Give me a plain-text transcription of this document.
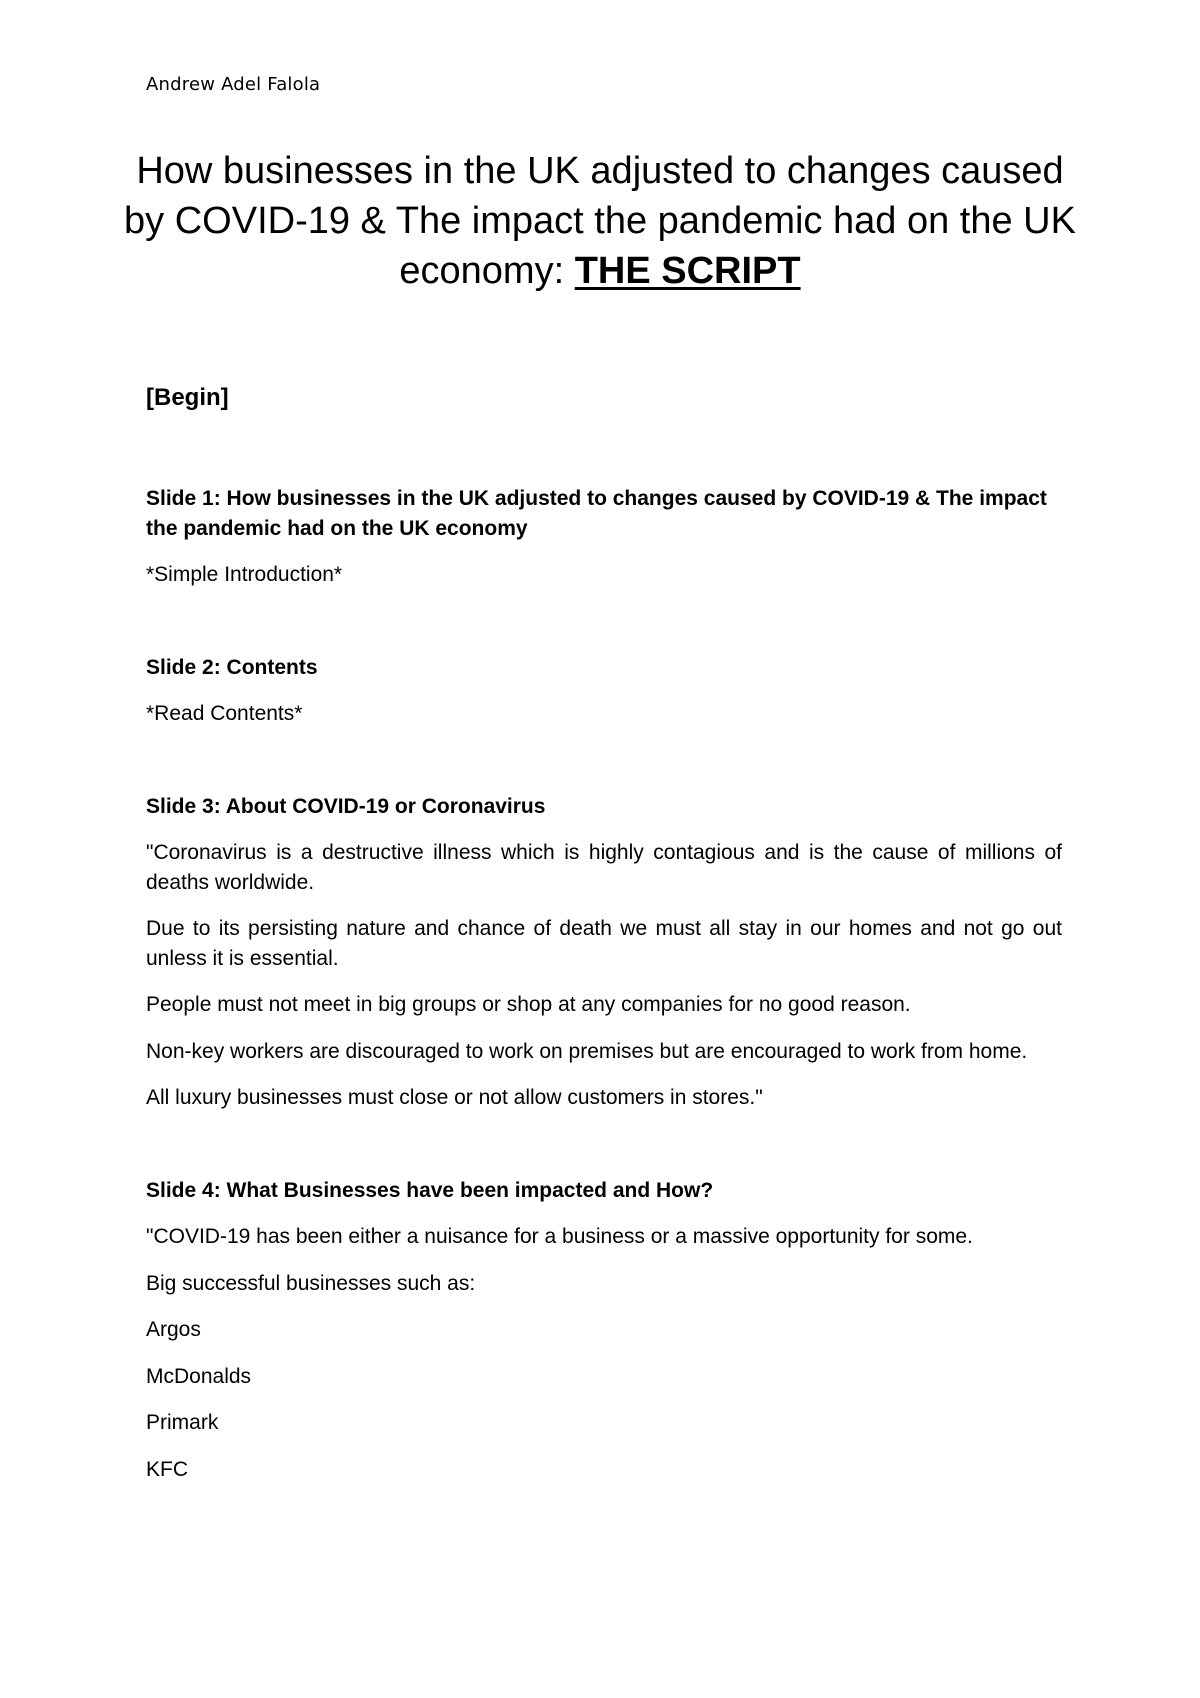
Andrew Adel Falola
How businesses in the UK adjusted to changes caused by COVID-19 & The impact the pandemic had on the UK economy: THE SCRIPT
[Begin]

Slide 1: How businesses in the UK adjusted to changes caused by COVID-19 & The impact the pandemic had on the UK economy

*Simple Introduction*

Slide 2: Contents

*Read Contents*

Slide 3: About COVID-19 or Coronavirus

"Coronavirus is a destructive illness which is highly contagious and is the cause of millions of deaths worldwide.

Due to its persisting nature and chance of death we must all stay in our homes and not go out unless it is essential.

People must not meet in big groups or shop at any companies for no good reason.

Non-key workers are discouraged to work on premises but are encouraged to work from home.

All luxury businesses must close or not allow customers in stores."

Slide 4: What Businesses have been impacted and How?

"COVID-19 has been either a nuisance for a business or a massive opportunity for some.

Big successful businesses such as:

Argos

McDonalds

Primark

KFC
